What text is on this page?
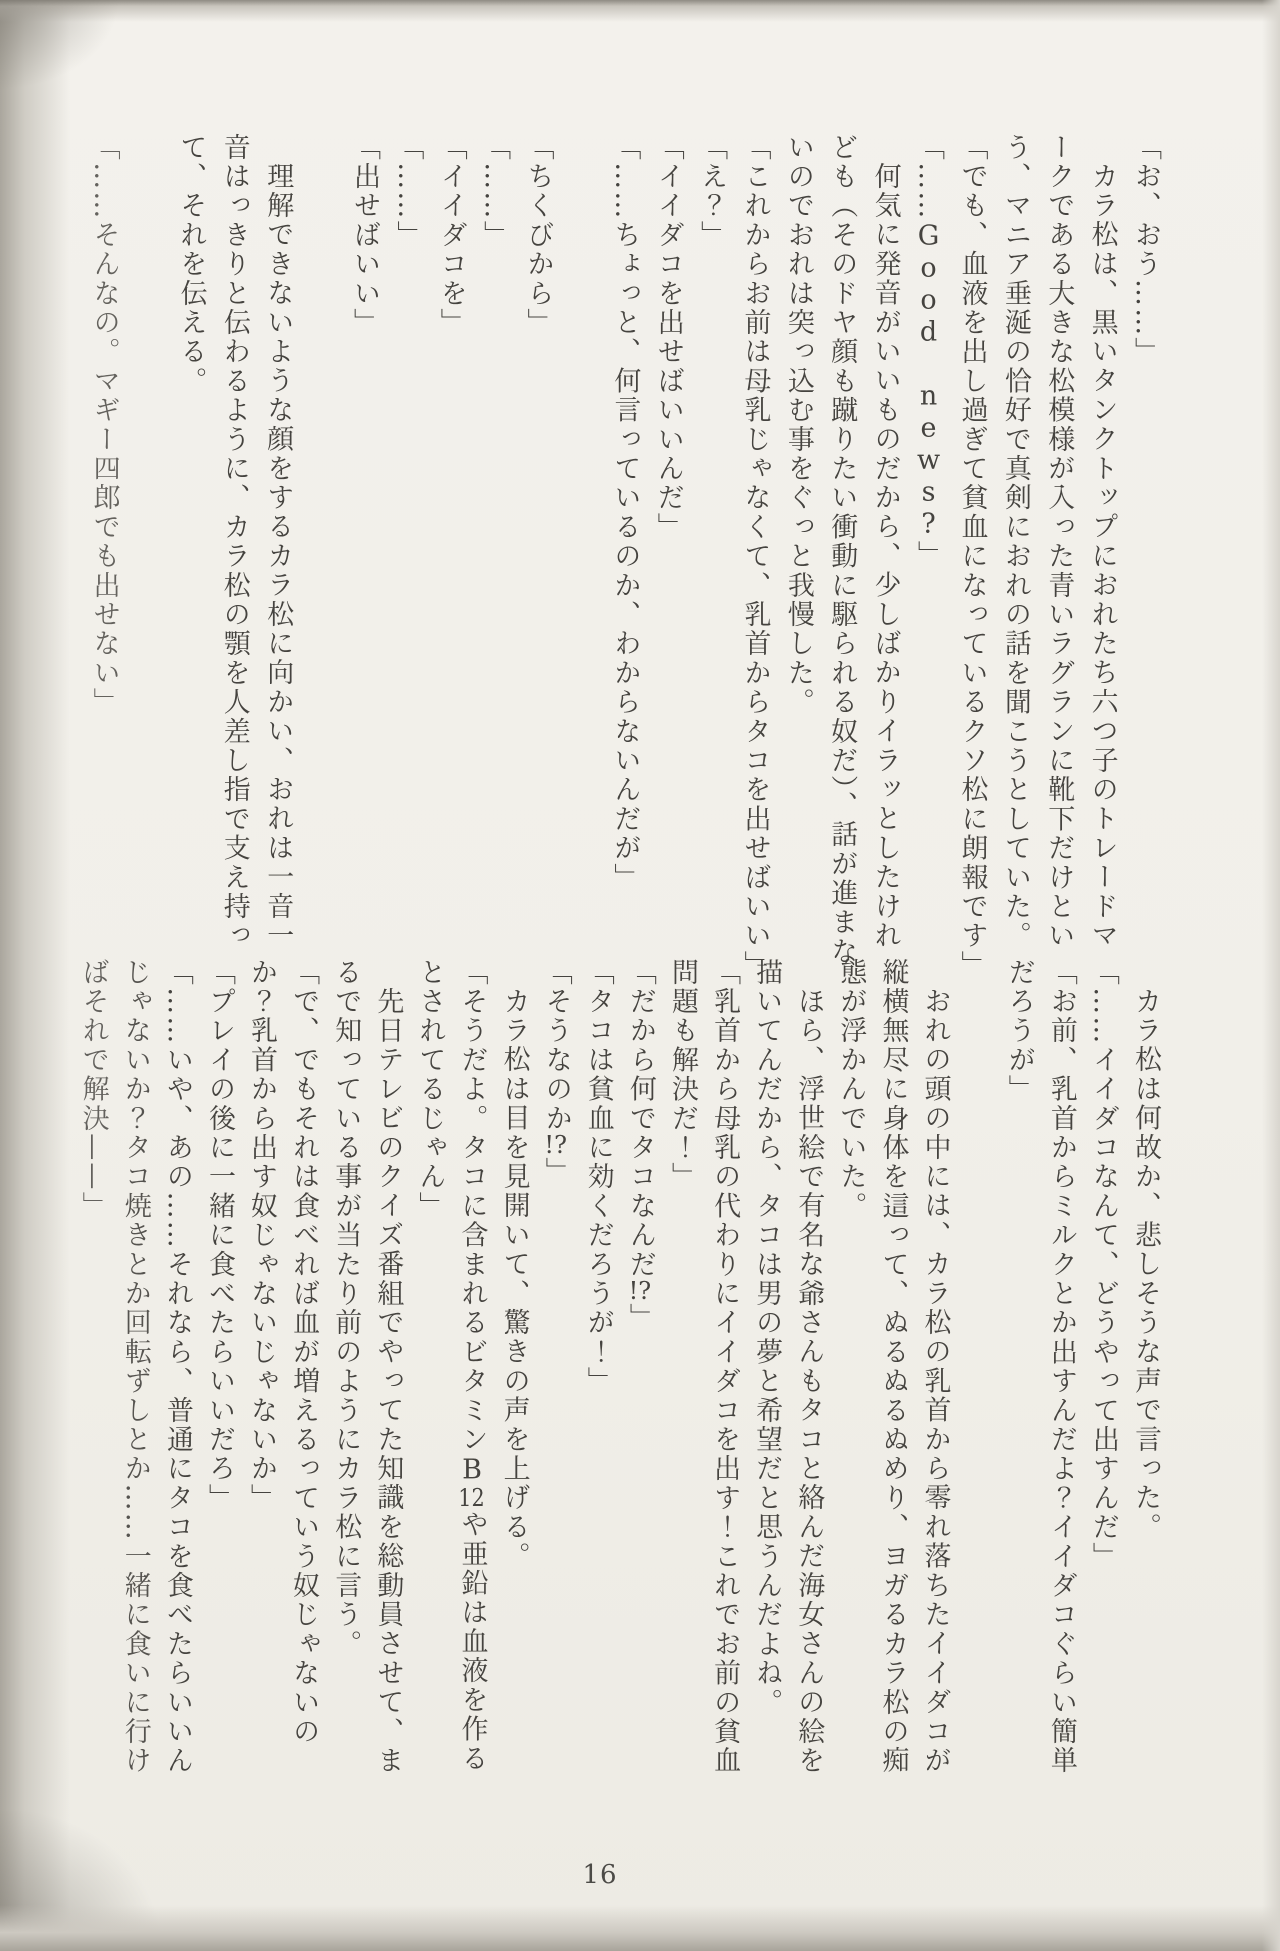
「お、おう……」
カラ松は、黒いタンクトップにおれたち六つ子のトレードマ
ークである大きな松模様が入った青いラグランに靴下だけとい
う、マニア垂涎の恰好で真剣におれの話を聞こうとしていた。
「でも、血液を出し過ぎて貧血になっているクソ松に朗報です」
「……Good news?」
何気に発音がいいものだから、少しばかりイラッとしたけれ
ども（そのドヤ顔も蹴りたい衝動に駆られる奴だ）、話が進まな
いのでおれは突っ込む事をぐっと我慢した。
「これからお前は母乳じゃなくて、乳首からタコを出せばいい」
「え？」
「イイダコを出せばいいんだ」
「……ちょっと、何言っているのか、わからないんだが」
「ちくびから」
「……」
「イイダコを」
「……」
「出せばいい」
理解できないような顔をするカラ松に向かい、おれは一音一
音はっきりと伝わるように、カラ松の顎を人差し指で支え持っ
て、それを伝える。
「……そんなの。マギー四郎でも出せない」
カラ松は何故か、悲しそうな声で言った。
「……イイダコなんて、どうやって出すんだ」
「お前、乳首からミルクとか出すんだよ？イイダコぐらい簡単
だろうが」
おれの頭の中には、カラ松の乳首から零れ落ちたイイダコが
縦横無尽に身体を這って、ぬるぬるぬめり、ヨガるカラ松の痴
態が浮かんでいた。
ほら、浮世絵で有名な爺さんもタコと絡んだ海女さんの絵を
描いてんだから、タコは男の夢と希望だと思うんだよね。
「乳首から母乳の代わりにイイダコを出す！これでお前の貧血
問題も解決だ！」
「だから何でタコなんだ!?」
「タコは貧血に効くだろうが！」
「そうなのか!?」
カラ松は目を見開いて、驚きの声を上げる。
「そうだよ。タコに含まれるビタミンB12や亜鉛は血液を作る
とされてるじゃん」
先日テレビのクイズ番組でやってた知識を総動員させて、ま
るで知っている事が当たり前のようにカラ松に言う。
「で、でもそれは食べれば血が増えるっていう奴じゃないの
か？乳首から出す奴じゃないじゃないか」
「プレイの後に一緒に食べたらいいだろ」
「……いや、あの……それなら、普通にタコを食べたらいいん
じゃないか？タコ焼きとか回転ずしとか……一緒に食いに行け
ばそれで解決——」
16
